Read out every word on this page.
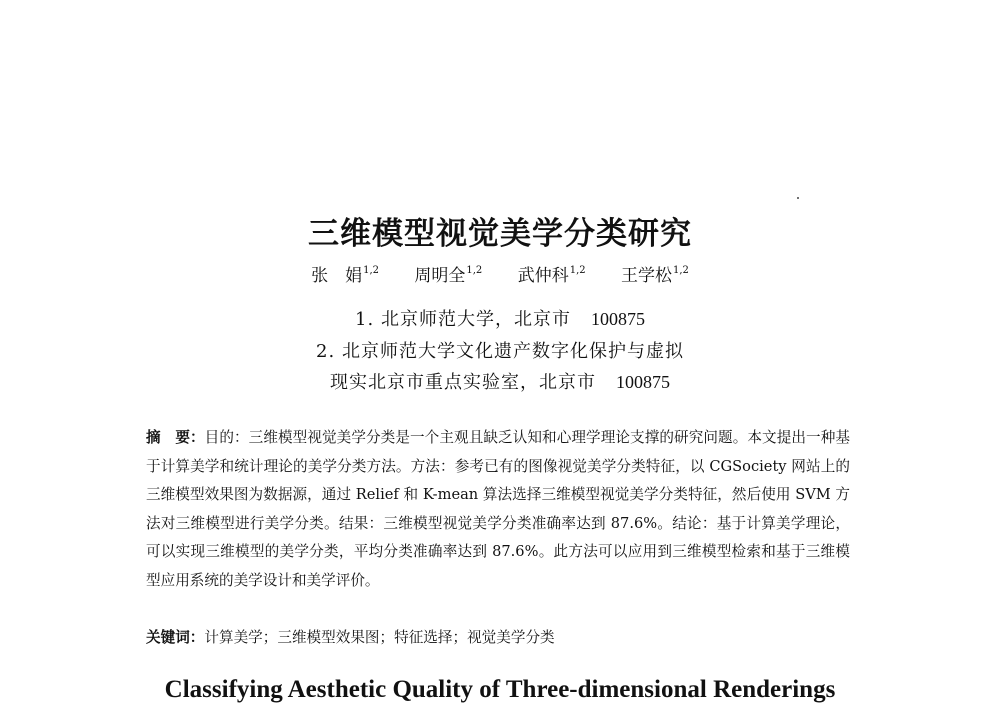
三维模型视觉美学分类研究
张　娟$^{1,2}$ 周明全$^{1,2}$ 武仲科$^{1,2}$ 王学松$^{1,2}$
1. 北京师范大学，北京市 100875
2. 北京师范大学文化遗产数字化保护与虚拟
现实北京市重点实验室，北京市 100875

摘　要：目的：三维模型视觉美学分类是一个主观且缺乏认知和心理学理论支撑的研究问题。本文提出一种基于计算美学和统计理论的美学分类方法。方法：参考已有的图像视觉美学分类特征，以 CGSociety 网站上的三维模型效果图为数据源，通过 Relief 和 K-mean 算法选择三维模型视觉美学分类特征，然后使用 SVM 方法对三维模型进行美学分类。结果：三维模型视觉美学分类准确率达到 87.6%。结论：基于计算美学理论，可以实现三维模型的美学分类，平均分类准确率达到 87.6%。此方法可以应用到三维模型检索和基于三维模型应用系统的美学设计和美学评价。

关键词：计算美学；三维模型效果图；特征选择；视觉美学分类

Classifying Aesthetic Quality of Three-dimensional Renderings
